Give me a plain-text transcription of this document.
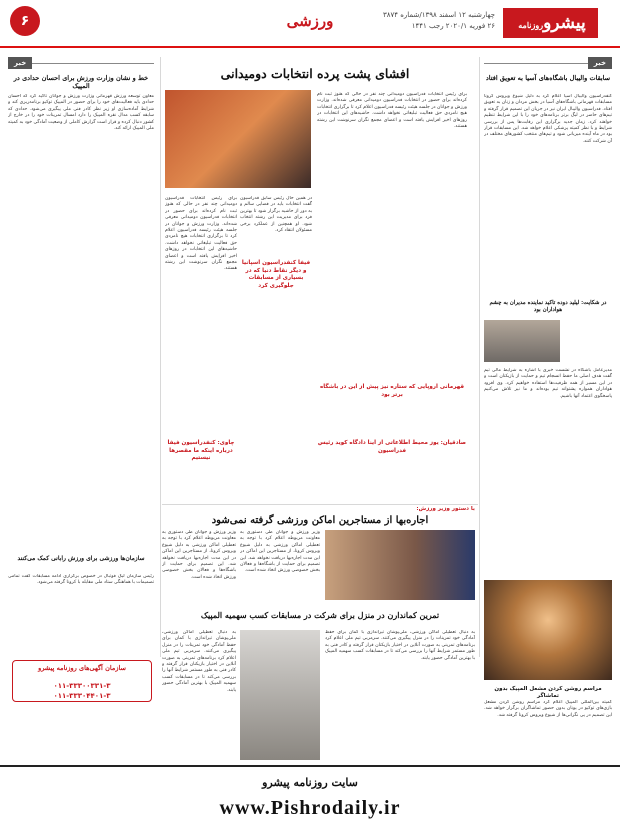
پیشروروزنامه
چهارشنبه ۱۲ اسفند ۱۳۹۸/شماره ۳۸۷۴
۲۶ فوریه ۲۰۲۰/۱ رجب ۱۴۴۱
ورزشی
۶
خبر
خبر
سابقات والیبال باشگاه‌های آسیا به تعویق افتاد
کنفدراسیون والیبال آسیا اعلام کرد به دلیل شیوع ویروس کرونا مسابقات قهرمانی باشگاه‌های آسیا در بخش مردان و زنان به تعویق افتاد. فدراسیون والیبال ایران نیز در جریان این تصمیم قرار گرفته و تیم‌های حاضر در لیگ برتر برنامه‌های خود را با این شرایط تنظیم خواهند کرد. زمان جدید برگزاری این رقابت‌ها پس از بررسی شرایط و با نظر کمیته پزشکی اعلام خواهد شد. این مسابقات قرار بود در ماه آینده میزبانی شود و تیم‌های منتخب کشورهای مختلف در آن شرکت کنند.
در شکایت: لیلید دوده تاکید نماینده مدیران به چشم هواداران بود
مدیرعامل باشگاه در نشست خبری با اشاره به شرایط مالی تیم گفت هدف اصلی ما حفظ انسجام تیم و حمایت از بازیکنان است و در این مسیر از همه ظرفیت‌ها استفاده خواهیم کرد. وی افزود هواداران همواره پشتوانه تیم بوده‌اند و ما نیز تلاش می‌کنیم پاسخگوی اعتماد آنها باشیم.
افشای پشت پرده انتخابات دومیدانی
برای رئیس انتخابات فدراسیون دومیدانی چند نفر در حالی که هنوز ثبت نام کرده‌اند برای حضور در انتخابات فدراسیون دومیدانی معرفی شده‌اند. وزارت ورزش و جوانان در جلسه هیئت رئیسه فدراسیون اعلام کرد تا برگزاری انتخابات هیچ نامزدی حق فعالیت تبلیغاتی نخواهد داشت. حاشیه‌های این انتخابات در روزهای اخیر افزایش یافته است و اعضای مجمع نگران سرنوشت این رشته هستند.
در همین حال رئیس سابق فدراسیون گفت انتخابات باید در فضایی سالم و به دور از حاشیه برگزار شود تا بهترین فرد برای مدیریت این رشته انتخاب شود. او همچنین از عملکرد برخی مسئولان انتقاد کرد.
برای رئیس انتخابات فدراسیون دومیدانی چند نفر در حالی که هنوز ثبت نام کرده‌اند برای حضور در انتخابات فدراسیون دومیدانی معرفی شده‌اند. وزارت ورزش و جوانان در جلسه هیئت رئیسه فدراسیون اعلام کرد تا برگزاری انتخابات هیچ نامزدی حق فعالیت تبلیغاتی نخواهد داشت. حاشیه‌های این انتخابات در روزهای اخیر افزایش یافته است و اعضای مجمع نگران سرنوشت این رشته هستند.
فیفا کنفدراسیون اسپانیا و دیگر نقاط دنیا که در بسیاری از مسابقات جلوگیری کرد
قهرمانی اروپایی که ستاره نیز پیش از این در باشگاه برتر بود
صادقیان: یوز محیط اطلاعاتی از اینا دادگاه کوید رئیس فدراسیون
چاوی: کنفدراسیون فیفا درباره اینکه ما مقصرها نیستیم
خط و نشان وزارت ورزش برای احسان حدادی در المپیک
معاون توسعه ورزش قهرمانی وزارت ورزش و جوانان تاکید کرد که احسان حدادی باید فعالیت‌های خود را برای حضور در المپیک توکیو برنامه‌ریزی کند و شرایط آماده‌سازی او زیر نظر کادر فنی ملی پیگیری می‌شود. حدادی که سابقه کسب مدال نقره المپیک را دارد امسال تمرینات خود را در خارج از کشور دنبال کرده و قرار است گزارش کاملی از وضعیت آمادگی خود به کمیته ملی المپیک ارائه کند.
سازمان‌ها ورزشی برای ورزش رابانی کمک می‌کنند
رئیس سازمان لیگ فوتبال در خصوص برگزاری ادامه مسابقات گفت تمامی تصمیمات با هماهنگی ستاد ملی مقابله با کرونا گرفته می‌شود.
سازمان آگهی‌های روزنامه پیشرو
۰۱۱-۳۳۳۰۰۳۳۱-۳
۰۱۱-۳۳۳۰۴۴۰۱-۳
با دستور وزیر ورزش:
اجاره‌بها از مستاجرین اماکن ورزشی گرفته نمی‌شود
وزیر ورزش و جوانان طی دستوری به معاونت مربوطه اعلام کرد با توجه به تعطیلی اماکن ورزشی به دلیل شیوع ویروس کرونا، از مستاجرین این اماکن در این مدت اجاره‌بها دریافت نخواهد شد. این تصمیم برای حمایت از باشگاه‌ها و فعالان بخش خصوصی ورزش اتخاذ شده است.
وزیر ورزش و جوانان طی دستوری به معاونت مربوطه اعلام کرد با توجه به تعطیلی اماکن ورزشی به دلیل شیوع ویروس کرونا، از مستاجرین این اماکن در این مدت اجاره‌بها دریافت نخواهد شد. این تصمیم برای حمایت از باشگاه‌ها و فعالان بخش خصوصی ورزش اتخاذ شده است.
تمرین کماندارن در منزل برای شرکت در مسابقات کسب سهمیه المپیک
به دنبال تعطیلی اماکن ورزشی، ملی‌پوشان تیراندازی با کمان برای حفظ آمادگی خود تمرینات را در منزل پیگیری می‌کنند. سرمربی تیم ملی اعلام کرد برنامه‌های تمرینی به صورت آنلاین در اختیار بازیکنان قرار گرفته و کادر فنی به طور مستمر شرایط آنها را بررسی می‌کند تا در مسابقات کسب سهمیه المپیک با بهترین آمادگی حضور یابند.
به دنبال تعطیلی اماکن ورزشی، ملی‌پوشان تیراندازی با کمان برای حفظ آمادگی خود تمرینات را در منزل پیگیری می‌کنند. سرمربی تیم ملی اعلام کرد برنامه‌های تمرینی به صورت آنلاین در اختیار بازیکنان قرار گرفته و کادر فنی به طور مستمر شرایط آنها را بررسی می‌کند تا در مسابقات کسب سهمیه المپیک با بهترین آمادگی حضور یابند.	مراسم روشن کردن مشعل المپیک بدون تماشاگر
کمیته بین‌المللی المپیک اعلام کرد مراسم روشن کردن مشعل بازی‌های توکیو در یونان بدون حضور تماشاگران برگزار خواهد شد. این تصمیم در پی نگرانی‌ها از شیوع ویروس کرونا گرفته شد.
سایت روزنامه پیشرو
www.Pishrodaily.ir
